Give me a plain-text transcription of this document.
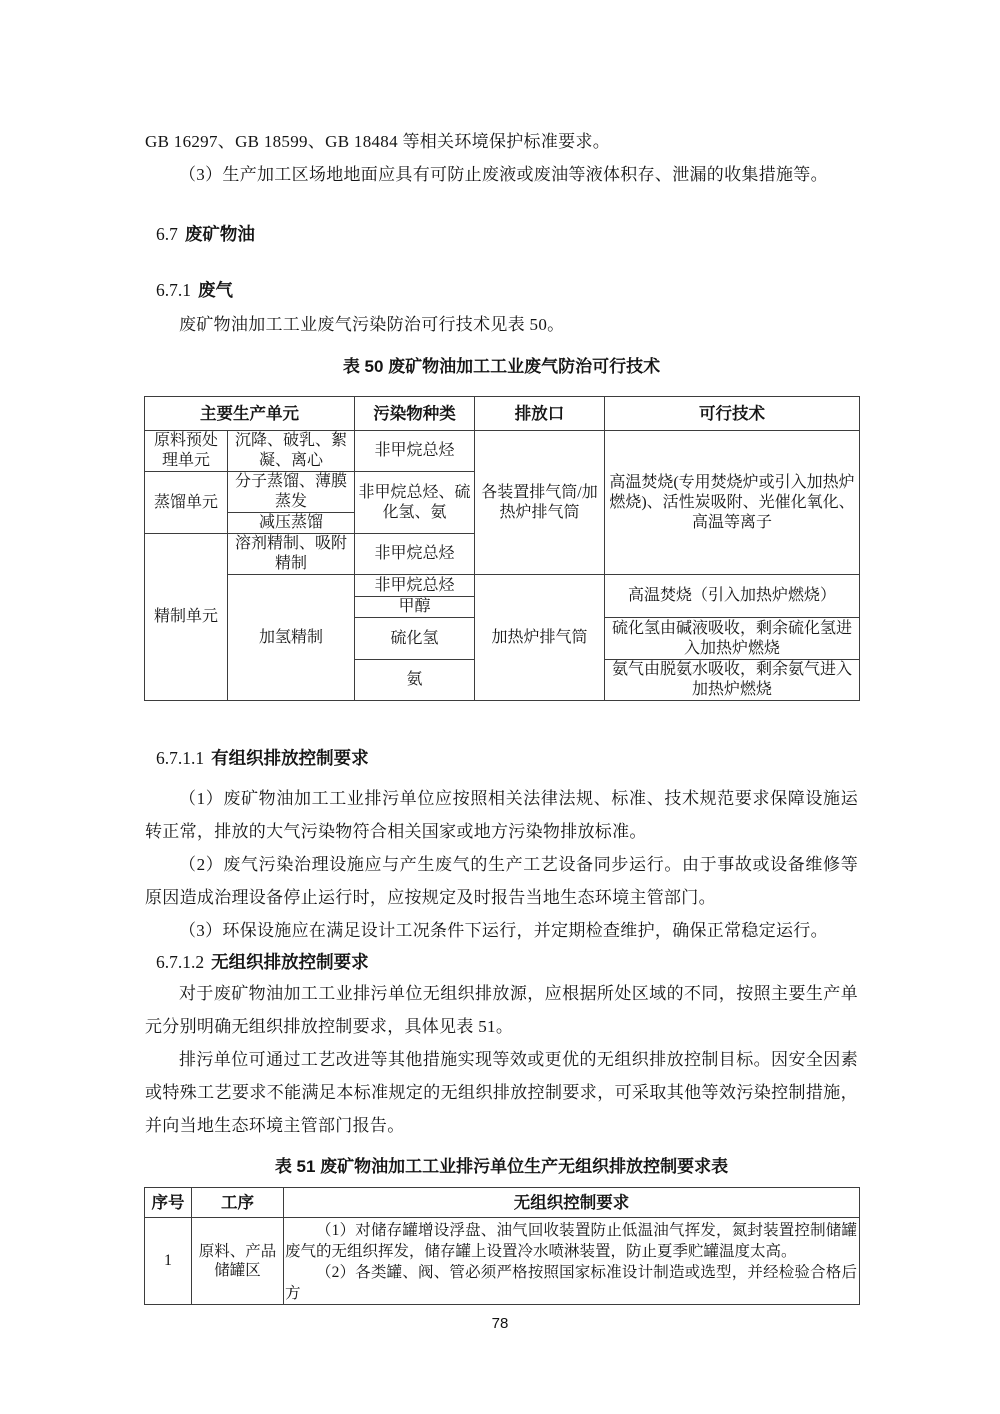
GB 16297、GB 18599、GB 18484 等相关环境保护标准要求。

（3）生产加工区场地地面应具有可防止废液或废油等液体积存、泄漏的收集措施等。

6.7 废矿物油
6.7.1 废气

废矿物油加工工业废气污染防治可行技术见表 50。

表 50 废矿物油加工工业废气防治可行技术

主要生产单元		污染物种类	排放口	可行技术
原料预处理单元	沉降、破乳、絮凝、离心	非甲烷总烃	各装置排气筒/加热炉排气筒	高温焚烧(专用焚烧炉或引入加热炉燃烧)、活性炭吸附、光催化氧化、高温等离子
蒸馏单元	分子蒸馏、薄膜蒸发	非甲烷总烃、硫化氢、氨		
	减压蒸馏			
精制单元	溶剂精制、吸附精制	非甲烷总烃		
	加氢精制	非甲烷总烃	加热炉排气筒	高温焚烧（引入加热炉燃烧）
		甲醇		
		硫化氢		硫化氢由碱液吸收，剩余硫化氢进入加热炉燃烧
		氨		氨气由脱氨水吸收，剩余氨气进入加热炉燃烧
6.7.1.1 有组织排放控制要求

（1）废矿物油加工工业排污单位应按照相关法律法规、标准、技术规范要求保障设施运转正常，排放的大气污染物符合相关国家或地方污染物排放标准。

（2）废气污染治理设施应与产生废气的生产工艺设备同步运行。由于事故或设备维修等原因造成治理设备停止运行时，应按规定及时报告当地生态环境主管部门。

（3）环保设施应在满足设计工况条件下运行，并定期检查维护，确保正常稳定运行。

6.7.1.2 无组织排放控制要求

对于废矿物油加工工业排污单位无组织排放源，应根据所处区域的不同，按照主要生产单元分别明确无组织排放控制要求，具体见表 51。

排污单位可通过工艺改进等其他措施实现等效或更优的无组织排放控制目标。因安全因素或特殊工艺要求不能满足本标准规定的无组织排放控制要求，可采取其他等效污染控制措施，并向当地生态环境主管部门报告。

表 51 废矿物油加工工业排污单位生产无组织排放控制要求表

序号	工序	无组织控制要求
1	原料、产品储罐区	（1）对储存罐增设浮盘、油气回收装置防止低温油气挥发，氮封装置控制储罐废气的无组织挥发，储存罐上设置冷水喷淋装置，防止夏季贮罐温度太高。

（2）各类罐、阀、管必须严格按照国家标准设计制造或选型，并经检验合格后方

78
